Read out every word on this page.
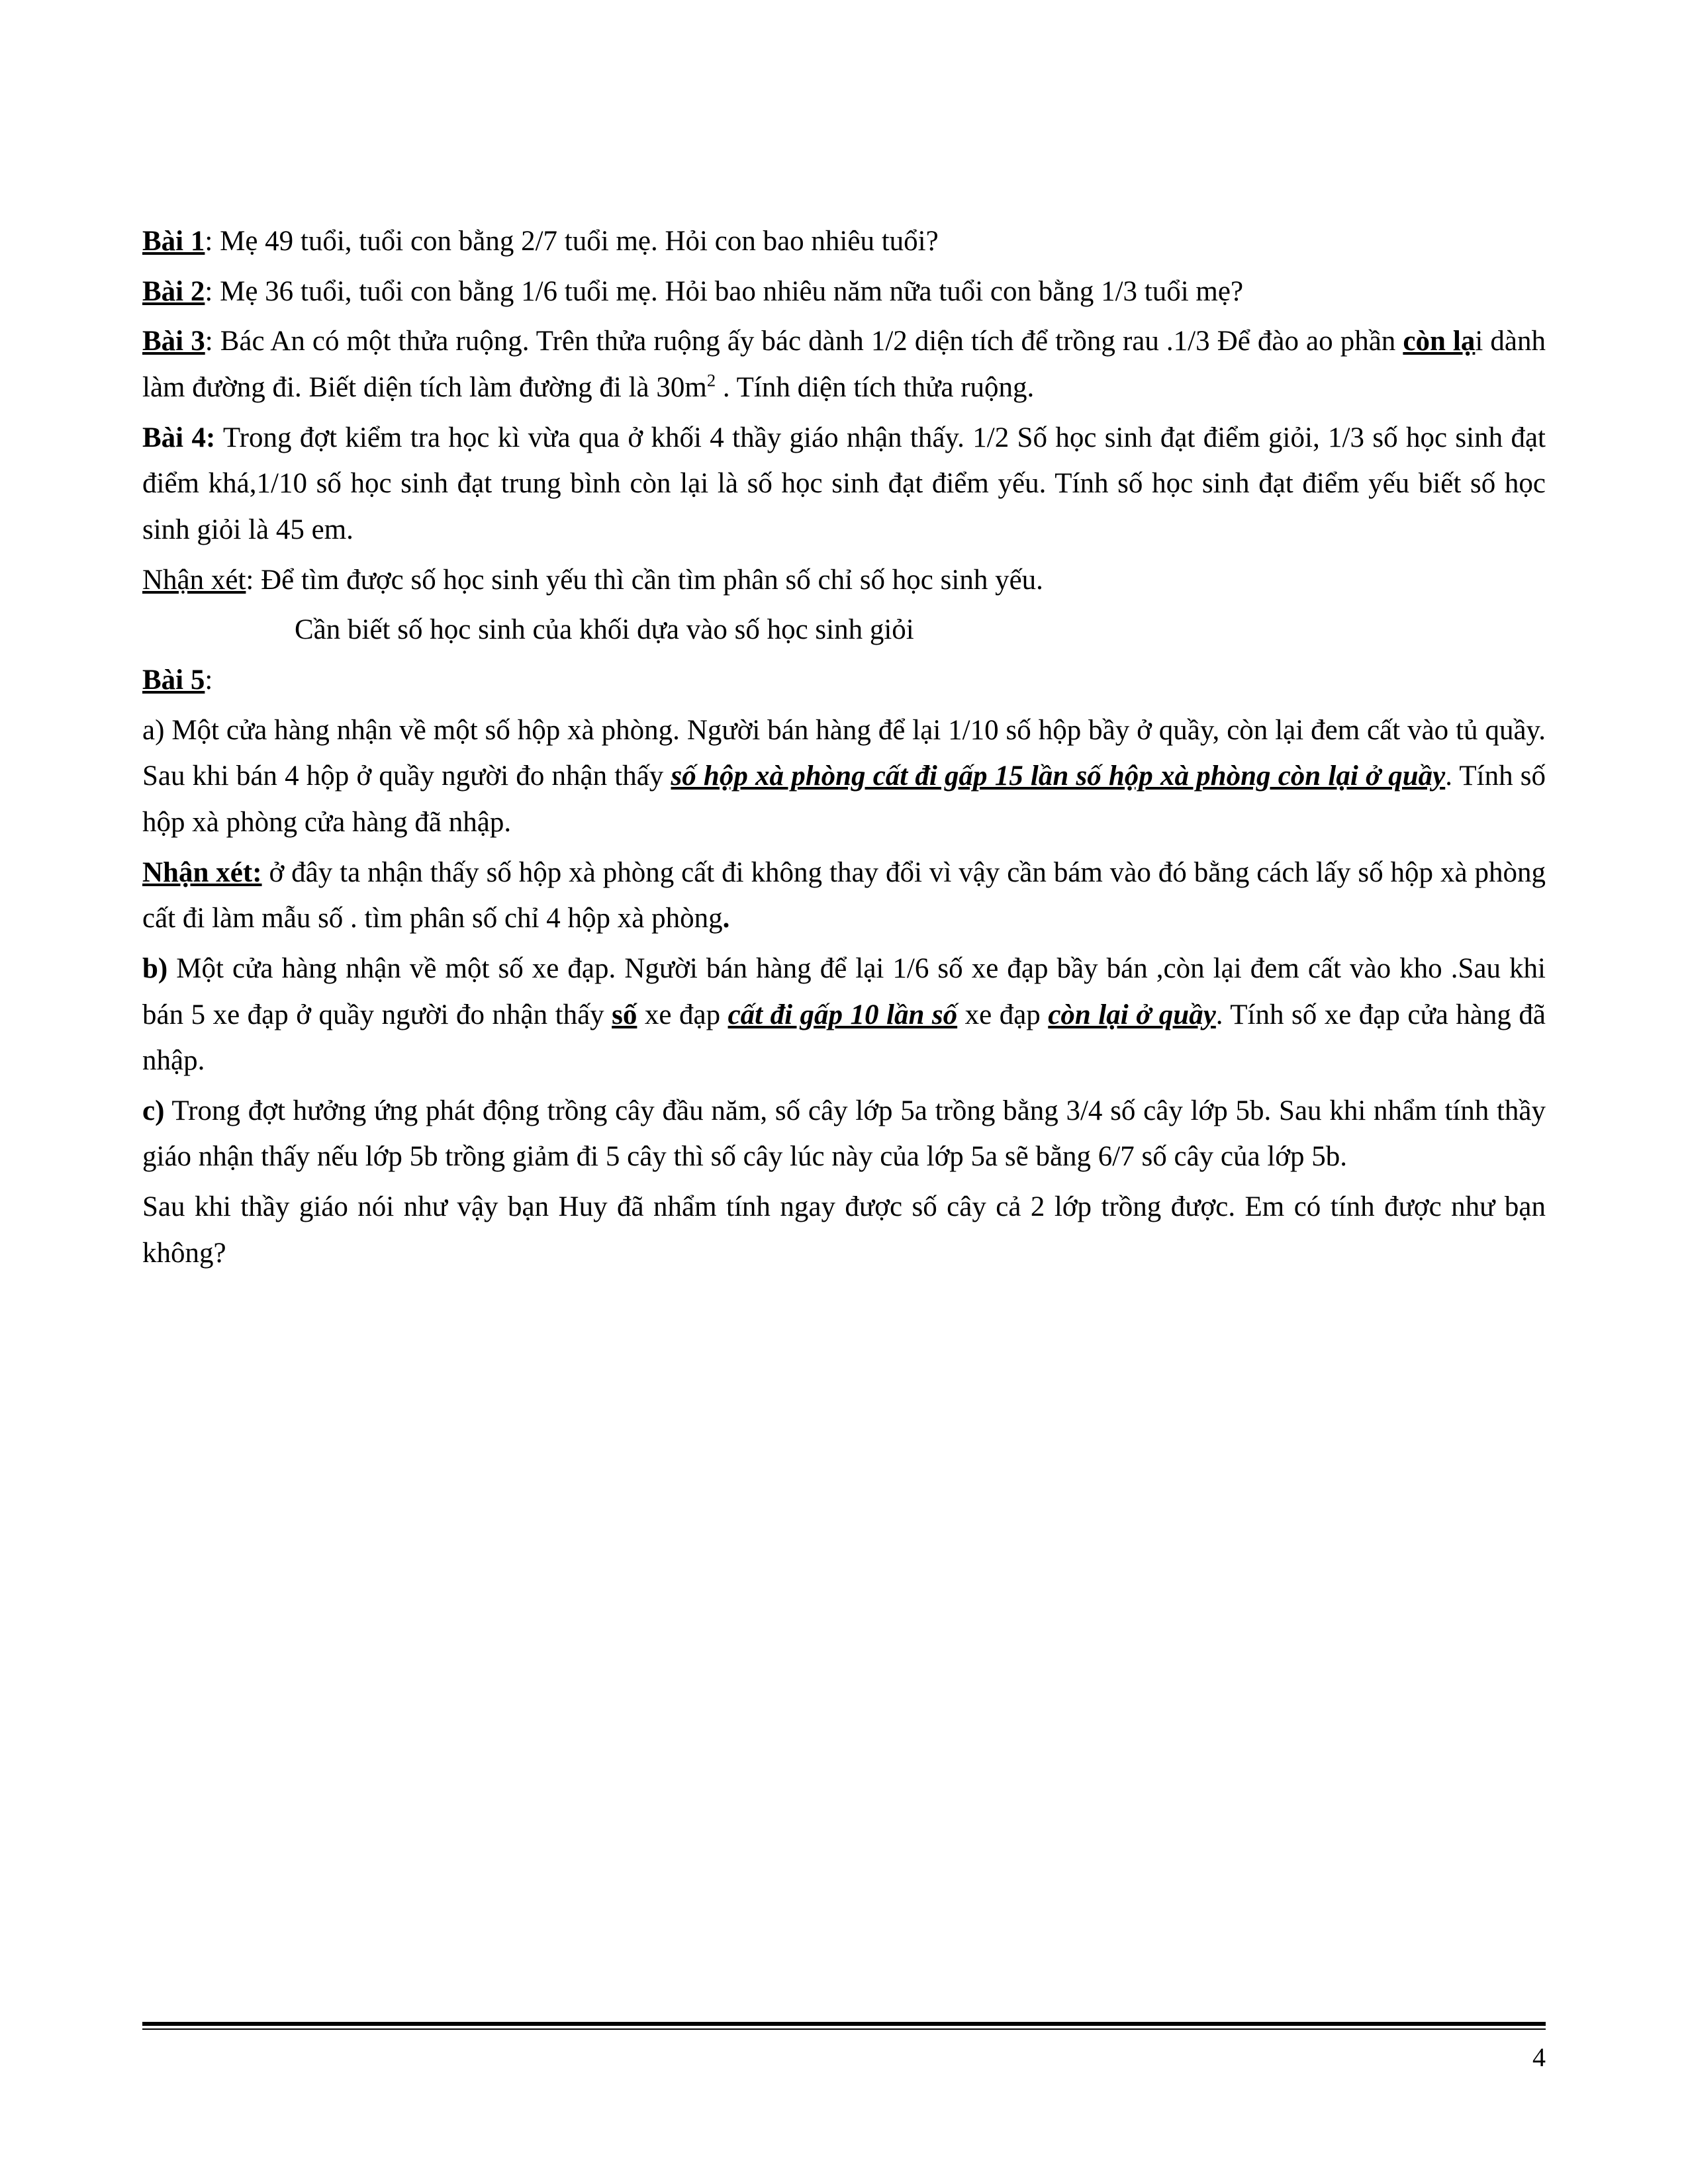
Bài 1: Mẹ 49 tuổi, tuổi con bằng 2/7 tuổi mẹ. Hỏi con bao nhiêu tuổi?

Bài 2: Mẹ 36 tuổi, tuổi con bằng 1/6 tuổi mẹ. Hỏi bao nhiêu năm nữa tuổi con bằng 1/3 tuổi mẹ?

Bài 3: Bác An có một thửa ruộng. Trên thửa ruộng ấy bác dành 1/2 diện tích để trồng rau .1/3 Để đào ao phần còn lại dành làm đường đi. Biết diện tích làm đường đi là $30m^2$ . Tính diện tích thửa ruộng.

Bài 4: Trong đợt kiểm tra học kì vừa qua ở khối 4 thầy giáo nhận thấy. 1/2 Số học sinh đạt điểm giỏi, 1/3 số học sinh đạt điểm khá,1/10 số học sinh đạt trung bình còn lại là số học sinh đạt điểm yếu. Tính số học sinh đạt điểm yếu biết số học sinh giỏi là 45 em.

Nhận xét: Để tìm được số học sinh yếu thì cần tìm phân số chỉ số học sinh yếu.

Cần biết số học sinh của khối dựa vào số học sinh giỏi

Bài 5:

a) Một cửa hàng nhận về một số hộp xà phòng. Người bán hàng để lại 1/10 số hộp bầy ở quầy, còn lại đem cất vào tủ quầy. Sau khi bán 4 hộp ở quầy người đo nhận thấy số hộp xà phòng cất đi gấp 15 lần số hộp xà phòng còn lại ở quầy. Tính số hộp xà phòng cửa hàng đã nhập.

Nhận xét: ở đây ta nhận thấy số hộp xà phòng cất đi không thay đổi vì vậy cần bám vào đó bằng cách lấy số hộp xà phòng cất đi làm mẫu số . tìm phân số chỉ 4 hộp xà phòng.

b) Một cửa hàng nhận về một số xe đạp. Người bán hàng để lại 1/6 số xe đạp bầy bán ,còn lại đem cất vào kho .Sau khi bán 5 xe đạp ở quầy người đo nhận thấy số xe đạp cất đi gấp 10 lần số xe đạp còn lại ở quầy. Tính số xe đạp cửa hàng đã nhập.

c) Trong đợt hưởng ứng phát động trồng cây đầu năm, số cây lớp 5a trồng bằng 3/4 số cây lớp 5b. Sau khi nhẩm tính thầy giáo nhận thấy nếu lớp 5b trồng giảm đi 5 cây thì số cây lúc này của lớp 5a sẽ bằng 6/7 số cây của lớp 5b.

Sau khi thầy giáo nói như vậy bạn Huy đã nhẩm tính ngay được số cây cả 2 lớp trồng được. Em có tính được như bạn không?

4
